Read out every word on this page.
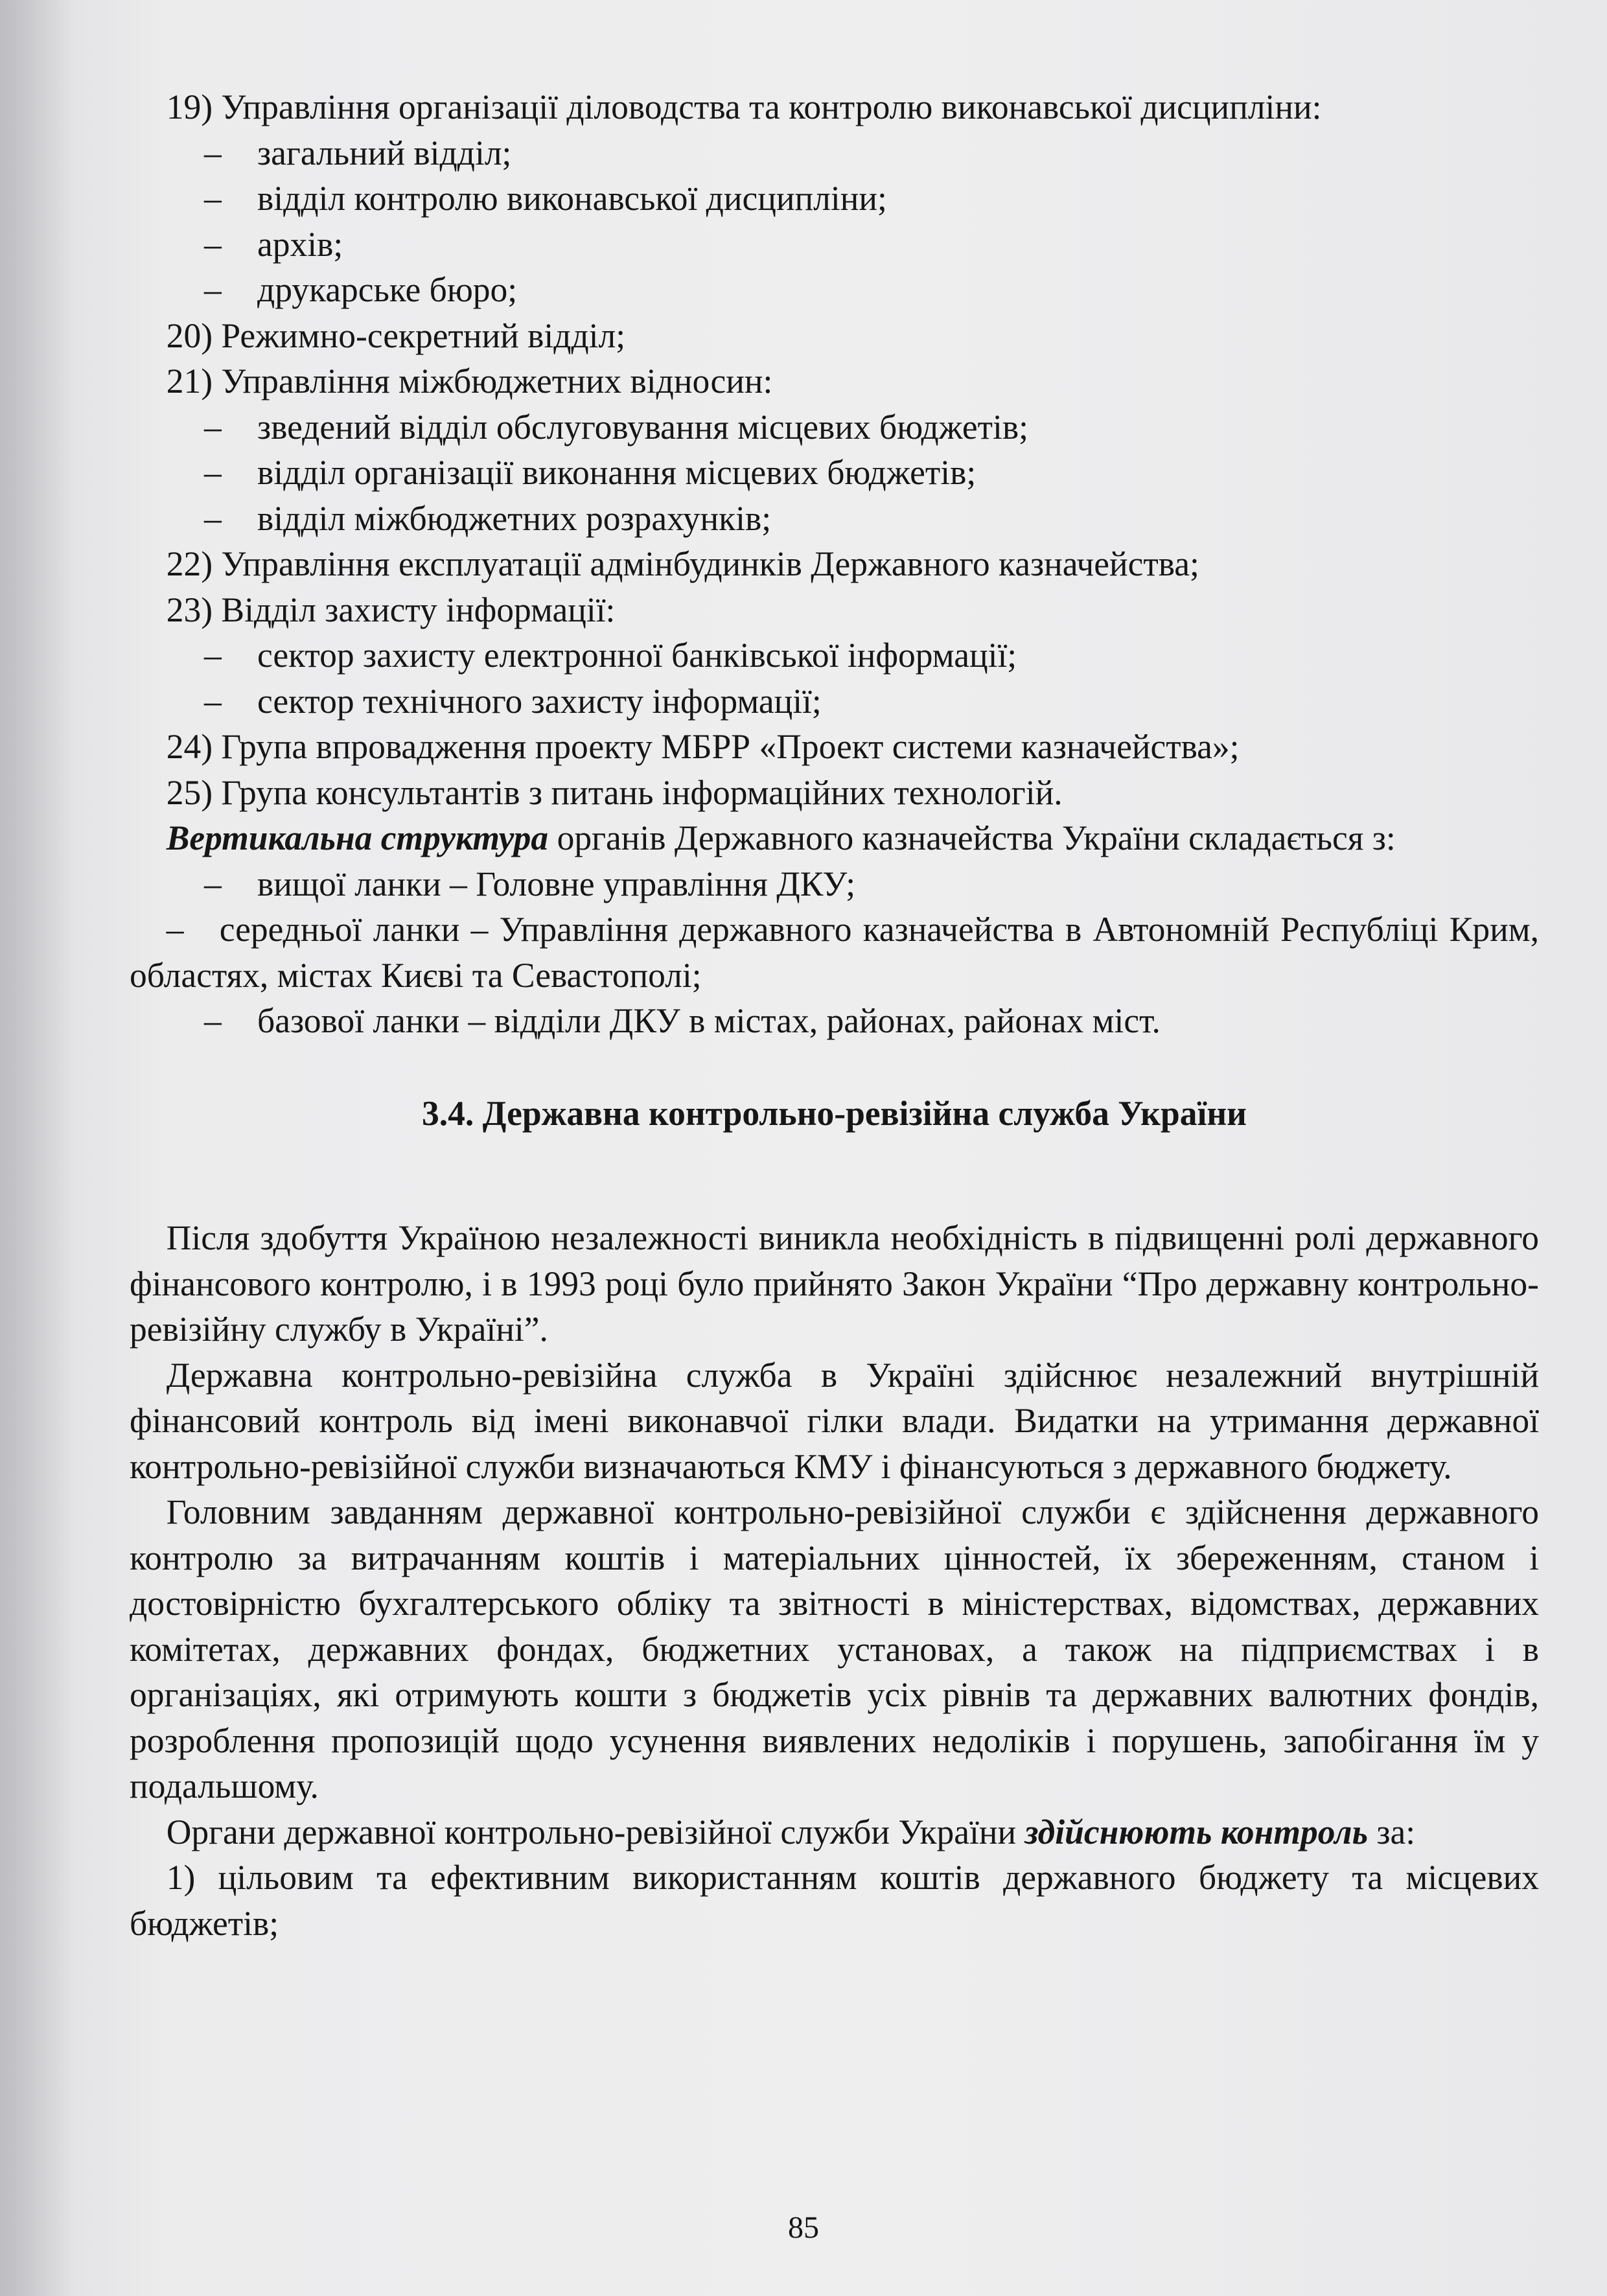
19) Управління організації діловодства та контролю виконавської дисципліни:

– загальний відділ;
– відділ контролю виконавської дисципліни;
– архів;
– друкарське бюро;

20) Режимно-секретний відділ;

21) Управління міжбюджетних відносин:

– зведений відділ обслуговування місцевих бюджетів;
– відділ організації виконання місцевих бюджетів;
– відділ міжбюджетних розрахунків;

22) Управління експлуатації адмінбудинків Державного казначейства;

23) Відділ захисту інформації:

– сектор захисту електронної банківської інформації;
– сектор технічного захисту інформації;

24) Група впровадження проекту МБРР «Проект системи казначейства»;

25) Група консультантів з питань інформаційних технологій.

Вертикальна структура органів Державного казначейства України складається з:

– вищої ланки – Головне управління ДКУ;

– середньої ланки – Управління державного казначейства в Автономній Республіці Крим, областях, містах Києві та Севастополі;

– базової ланки – відділи ДКУ в містах, районах, районах міст.
3.4. Державна контрольно-ревізійна служба України

Після здобуття Україною незалежності виникла необхідність в підвищенні ролі державного фінансового контролю, і в 1993 році було прийнято Закон України “Про державну контрольно-ревізійну службу в Україні”.

Державна контрольно-ревізійна служба в Україні здійснює незалежний внутрішній фінансовий контроль від імені виконавчої гілки влади. Видатки на утримання державної контрольно-ревізійної служби визначаються КМУ і фінансуються з державного бюджету.

Головним завданням державної контрольно-ревізійної служби є здійснення державного контролю за витрачанням коштів і матеріальних цінностей, їх збереженням, станом і достовірністю бухгалтерського обліку та звітності в міністерствах, відомствах, державних комітетах, державних фондах, бюджетних установах, а також на підприємствах і в організаціях, які отримують кошти з бюджетів усіх рівнів та державних валютних фондів, розроблення пропозицій щодо усунення виявлених недоліків і порушень, запобігання їм у подальшому.

Органи державної контрольно-ревізійної служби України здійснюють контроль за:

1) цільовим та ефективним використанням коштів державного бюджету та місцевих бюджетів;

85
